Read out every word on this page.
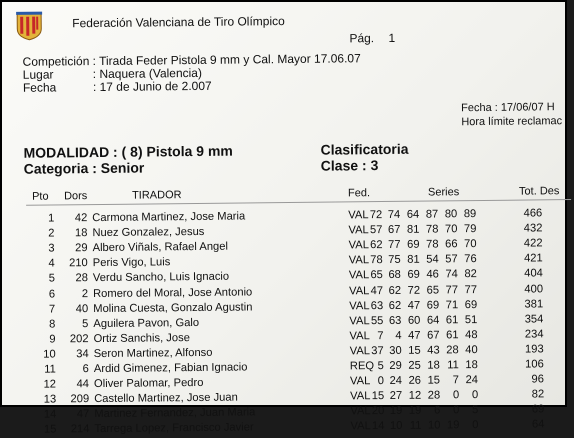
Federación Valenciana de Tiro Olímpico
Pág. 1
Competición : Tirada Feder Pistola 9 mm y Cal. Mayor 17.06.07
Lugar	: Naquera (Valencia)
Fecha	: 17 de Junio de 2.007
Fecha : 17/06/07 H
Hora límite reclamac
MODALIDAD : ( 8) Pistola 9 mm
Categoria : Senior
Clasificatoria
Clase : 3
Pto Dors	TIRADOR	Fed.	Series	Tot. Des
1 42 Carmona Martinez, Jose Maria	VAL 72 74 64 87 80 89	466
2 18 Nuez Gonzalez, Jesus	VAL 57 67 81 78 70 79	432
3 29 Albero Viñals, Rafael Angel	VAL 62 77 69 78 66 70	422
4 210 Peris Vigo, Luis	VAL 78 75 81 54 57 76	421
5 28 Verdu Sancho, Luis Ignacio	VAL 65 68 69 46 74 82	404
6 2 Romero del Moral, Jose Antonio	VAL 47 62 72 65 77 77	400
7 40 Molina Cuesta, Gonzalo Agustin	VAL 63 62 47 69 71 69	381
8 5 Aguilera Pavon, Galo	VAL 55 63 60 64 61 51	354
9 202 Ortiz Sanchis, Jose	VAL 7 4 47 67 61 48	234
10 34 Seron Martinez, Alfonso	VAL 37 30 15 43 28 40	193
11 6 Ardid Gimenez, Fabian Ignacio	REQ 5 29 25 18 11 18	106
12 44 Oliver Palomar, Pedro	VAL 0 24 26 15 7 24	96
13 209 Castello Martinez, Jose Juan	VAL 15 27 12 28 0 0	82
14 47 Martinez Fernandez, Juan Maria	VAL 20 19 19 6 0 5	69
15 214 Tarrega Lopez, Francisco Javier	VAL 14 10 11 10 19 0	64
